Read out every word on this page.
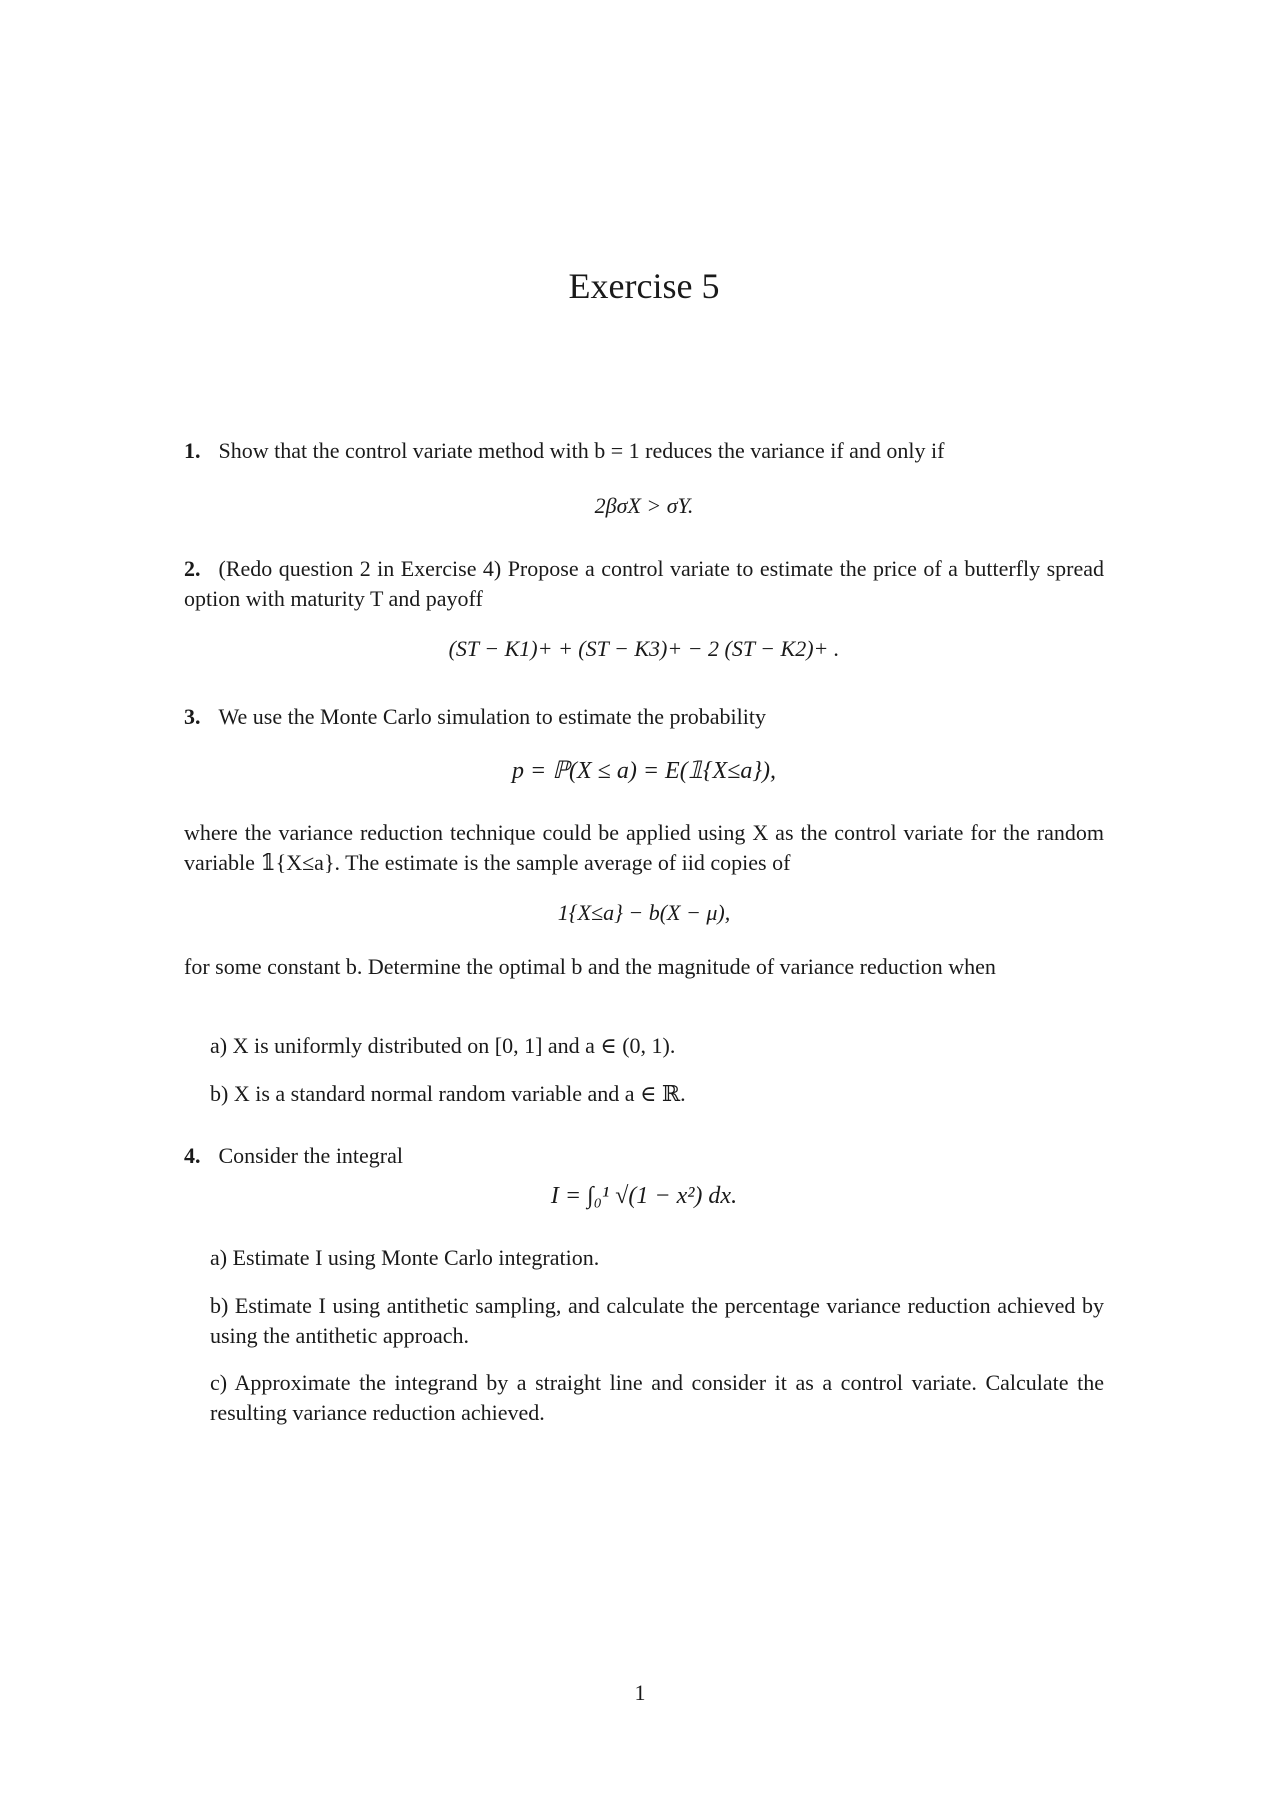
Exercise 5
1. Show that the control variate method with b = 1 reduces the variance if and only if
2βσX > σY.
2. (Redo question 2 in Exercise 4) Propose a control variate to estimate the price of a butterfly spread option with maturity T and payoff
(ST − K1)+ + (ST − K3)+ − 2 (ST − K2)+ .
3. We use the Monte Carlo simulation to estimate the probability
p = ℙ(X ≤ a) = E(𝟙{X≤a}),
where the variance reduction technique could be applied using X as the control variate for the random variable 𝟙{X≤a}. The estimate is the sample average of iid copies of
1{X≤a} − b(X − μ),
for some constant b. Determine the optimal b and the magnitude of variance reduction when
a) X is uniformly distributed on [0, 1] and a ∈ (0, 1).
b) X is a standard normal random variable and a ∈ ℝ.
4. Consider the integral
I = ∫₀¹ √(1 − x²) dx.
a) Estimate I using Monte Carlo integration.
b) Estimate I using antithetic sampling, and calculate the percentage variance reduction achieved by using the antithetic approach.
c) Approximate the integrand by a straight line and consider it as a control variate. Calculate the resulting variance reduction achieved.
1
